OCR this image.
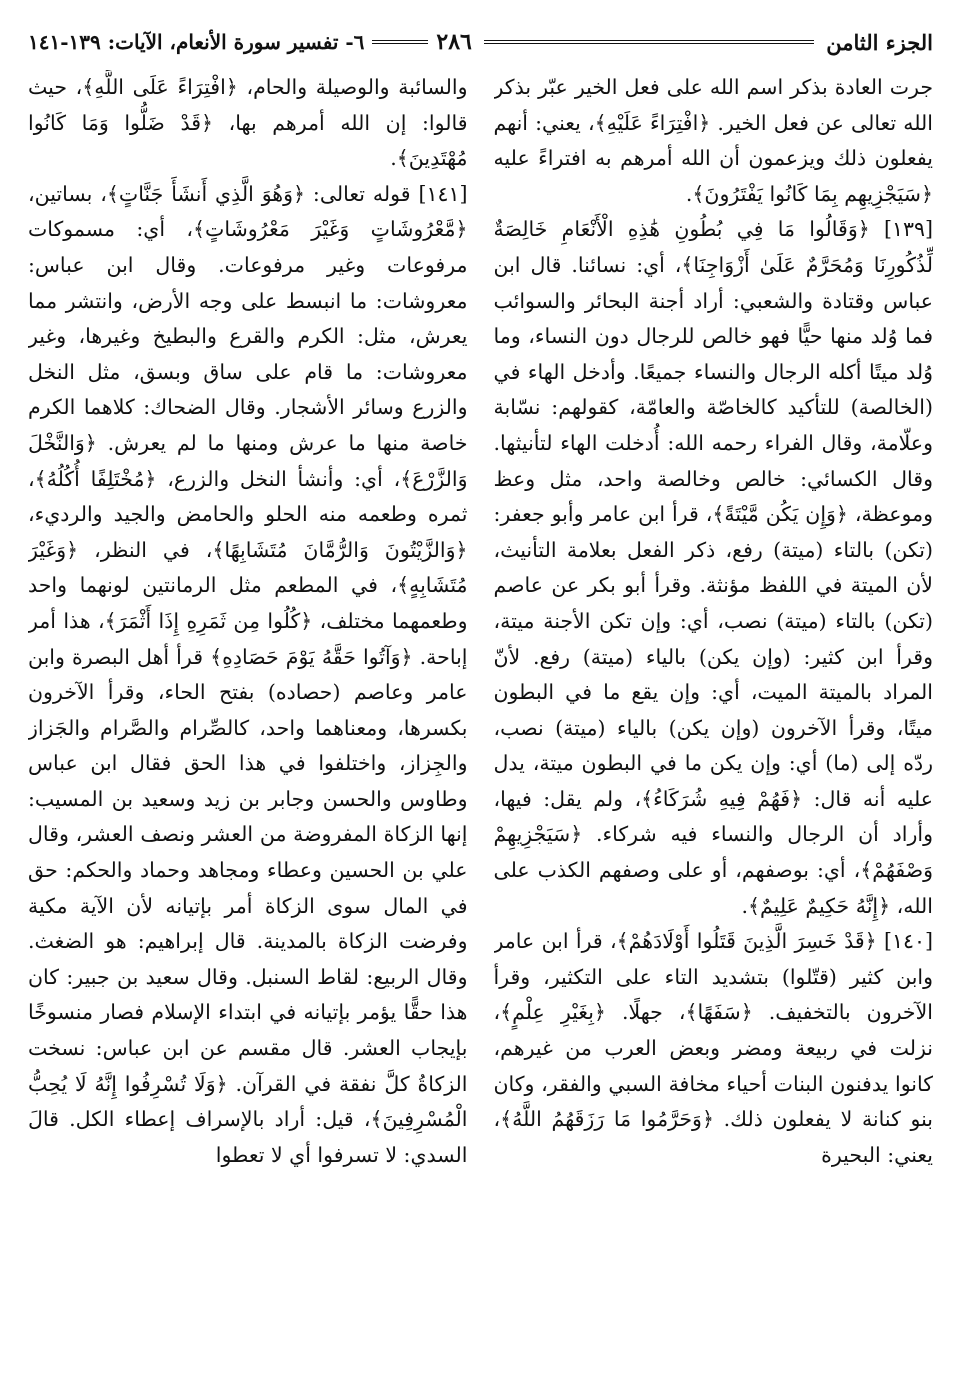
الجزء الثامن
٢٨٦
٦- تفسير سورة الأنعام، الآيات: ١٣٩-١٤١

جرت العادة بذكر اسم الله على فعل الخير عبّر بذكر الله تعالى عن فعل الخير. ﴿افْتِرَاءً عَلَيْهِ﴾، يعني: أنهم يفعلون ذلك ويزعمون أن الله أمرهم به افتراءً عليه ﴿سَيَجْزِيهِم بِمَا كَانُوا يَفْتَرُونَ﴾.

[١٣٩] ﴿وَقَالُوا مَا فِي بُطُونِ هَٰذِهِ الْأَنْعَامِ خَالِصَةٌ لِّذُكُورِنَا وَمُحَرَّمٌ عَلَىٰ أَزْوَاجِنَا﴾، أي: نسائنا. قال ابن عباس وقتادة والشعبي: أراد أجنة البحائر والسوائب فما وُلد منها حيًّا فهو خالص للرجال دون النساء، وما وُلد ميتًا أكله الرجال والنساء جميعًا. وأدخل الهاء في (الخالصة) للتأكيد كالخاصّة والعامّة، كقولهم: نسّابة وعلّامة، وقال الفراء رحمه الله: أُدخلت الهاء لتأنيثها. وقال الكسائي: خالص وخالصة واحد، مثل وعظ وموعظة، ﴿وَإِن يَكُن مَّيْتَةً﴾، قرأ ابن عامر وأبو جعفر: (تكن) بالتاء (ميتة) رفع، ذكر الفعل بعلامة التأنيث، لأن الميتة في اللفظ مؤنثة. وقرأ أبو بكر عن عاصم (تكن) بالتاء (ميتة) نصب، أي: وإن تكن الأجنة ميتة، وقرأ ابن كثير: (وإن يكن) بالياء (ميتة) رفع. لأنّ المراد بالميتة الميت، أي: وإن يقع ما في البطون ميتًا، وقرأ الآخرون (وإن يكن) بالياء (ميتة) نصب، ردّه إلى (ما) أي: وإن يكن ما في البطون ميتة، يدل عليه أنه قال: ﴿فَهُمْ فِيهِ شُرَكَاءُ﴾، ولم يقل: فيها، وأراد أن الرجال والنساء فيه شركاء. ﴿سَيَجْزِيهِمْ وَصْفَهُمْ﴾، أي: بوصفهم، أو على وصفهم الكذب على الله، ﴿إِنَّهُ حَكِيمٌ عَلِيمٌ﴾.

[١٤٠] ﴿قَدْ خَسِرَ الَّذِينَ قَتَلُوا أَوْلَادَهُمْ﴾، قرأ ابن عامر وابن كثير (قتّلوا) بتشديد التاء على التكثير، وقرأ الآخرون بالتخفيف. ﴿سَفَهًا﴾، جهلًا. ﴿بِغَيْرِ عِلْمٍ﴾، نزلت في ربيعة ومضر وبعض العرب من غيرهم، كانوا يدفنون البنات أحياء مخافة السبي والفقر، وكان بنو كنانة لا يفعلون ذلك. ﴿وَحَرَّمُوا مَا رَزَقَهُمُ اللَّهُ﴾، يعني: البحيرة

والسائبة والوصيلة والحام، ﴿افْتِرَاءً عَلَى اللَّهِ﴾، حيث قالوا: إن الله أمرهم بها، ﴿قَدْ ضَلُّوا وَمَا كَانُوا مُهْتَدِينَ﴾.

[١٤١] قوله تعالى: ﴿وَهُوَ الَّذِي أَنشَأَ جَنَّاتٍ﴾، بساتين، ﴿مَّعْرُوشَاتٍ وَغَيْرَ مَعْرُوشَاتٍ﴾، أي: مسموكات مرفوعات وغير مرفوعات. وقال ابن عباس: معروشات: ما انبسط على وجه الأرض، وانتشر مما يعرش، مثل: الكرم والقرع والبطيخ وغيرها، وغير معروشات: ما قام على ساق وبسق، مثل النخل والزرع وسائر الأشجار. وقال الضحاك: كلاهما الكرم خاصة منها ما عرش ومنها ما لم يعرش. ﴿وَالنَّخْلَ وَالزَّرْعَ﴾، أي: وأنشأ النخل والزرع، ﴿مُخْتَلِفًا أُكُلُهُ﴾، ثمره وطعمه منه الحلو والحامض والجيد والرديء، ﴿وَالزَّيْتُونَ وَالرُّمَّانَ مُتَشَابِهًا﴾، في النظر، ﴿وَغَيْرَ مُتَشَابِهٍ﴾، في المطعم مثل الرمانتين لونهما واحد وطعمهما مختلف، ﴿كُلُوا مِن ثَمَرِهِ إِذَا أَثْمَرَ﴾، هذا أمر إباحة. ﴿وَآتُوا حَقَّهُ يَوْمَ حَصَادِهِ﴾ قرأ أهل البصرة وابن عامر وعاصم (حصاده) بفتح الحاء، وقرأ الآخرون بكسرها، ومعناهما واحد، كالصِّرام والصَّرام والجَزاز والجِزاز، واختلفوا في هذا الحق فقال ابن عباس وطاوس والحسن وجابر بن زيد وسعيد بن المسيب: إنها الزكاة المفروضة من العشر ونصف العشر، وقال علي بن الحسين وعطاء ومجاهد وحماد والحكم: حق في المال سوى الزكاة أمر بإتيانه لأن الآية مكية وفرضت الزكاة بالمدينة. قال إبراهيم: هو الضغث. وقال الربيع: لقاط السنبل. وقال سعيد بن جبير: كان هذا حقًّا يؤمر بإتيانه في ابتداء الإسلام فصار منسوخًا بإيجاب العشر. قال مقسم عن ابن عباس: نسخت الزكاةُ كلَّ نفقة في القرآن. ﴿وَلَا تُسْرِفُوا إِنَّهُ لَا يُحِبُّ الْمُسْرِفِينَ﴾، قيل: أراد بالإسراف إعطاء الكل. قالَ السدي: لا تسرفوا أي لا تعطوا
